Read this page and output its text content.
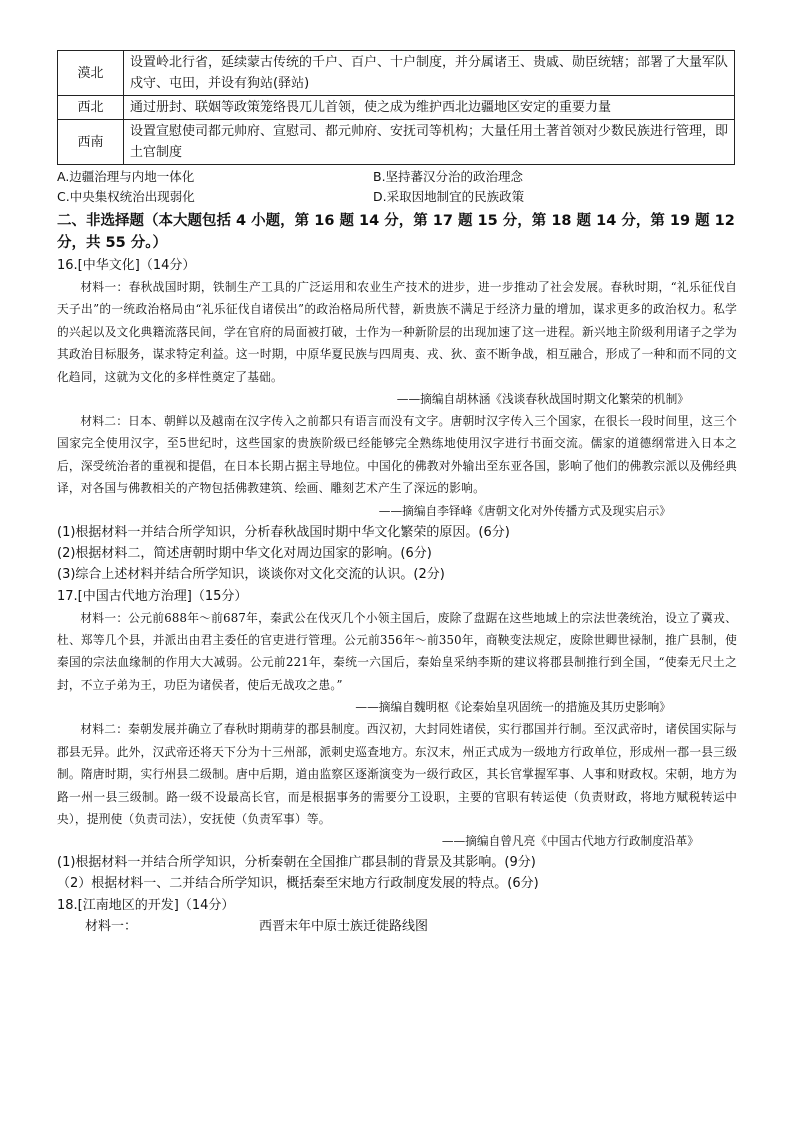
漠北	设置岭北行省，延续蒙古传统的千户、百户、十户制度，并分属诸王、贵戚、勋臣统辖；部署了大量军队戍守、屯田，并设有狗站(驿站)
西北	通过册封、联姻等政策笼络畏兀儿首领，使之成为维护西北边疆地区安定的重要力量
西南	设置宣慰使司都元帅府、宣慰司、都元帅府、安抚司等机构；大量任用土著首领对少数民族进行管理，即土官制度
A.边疆治理与内地一体化	B.坚持蕃汉分治的政治理念
C.中央集权统治出现弱化	D.采取因地制宜的民族政策
二、非选择题（本大题包括 4 小题，第 16 题 14 分，第 17 题 15 分，第 18 题 14 分，第 19 题 12 分，共 55 分。）
16.[中华文化]（14分）
材料一：春秋战国时期，铁制生产工具的广泛运用和农业生产技术的进步，进一步推动了社会发展。春秋时期，“礼乐征伐自天子出”的一统政治格局由“礼乐征伐自诸侯出”的政治格局所代替，新贵族不满足于经济力量的增加，谋求更多的政治权力。私学的兴起以及文化典籍流落民间，学在官府的局面被打破，士作为一种新阶层的出现加速了这一进程。新兴地主阶级利用诸子之学为其政治目标服务，谋求特定利益。这一时期，中原华夏民族与四周夷、戎、狄、蛮不断争战，相互融合，形成了一种和而不同的文化趋同，这就为文化的多样性奠定了基础。
——摘编自胡林涵《浅谈春秋战国时期文化繁荣的机制》
材料二：日本、朝鲜以及越南在汉字传入之前都只有语言而没有文字。唐朝时汉字传入三个国家，在很长一段时间里，这三个国家完全使用汉字，至5世纪时，这些国家的贵族阶级已经能够完全熟练地使用汉字进行书面交流。儒家的道德纲常进入日本之后，深受统治者的重视和提倡，在日本长期占据主导地位。中国化的佛教对外输出至东亚各国，影响了他们的佛教宗派以及佛经典译，对各国与佛教相关的产物包括佛教建筑、绘画、雕刻艺术产生了深远的影响。
——摘编自李铎峰《唐朝文化对外传播方式及现实启示》
(1)根据材料一并结合所学知识，分析春秋战国时期中华文化繁荣的原因。(6分)
(2)根据材料二，简述唐朝时期中华文化对周边国家的影响。(6分)
(3)综合上述材料并结合所学知识，谈谈你对文化交流的认识。(2分)
17.[中国古代地方治理]（15分）
材料一：公元前688年～前687年，秦武公在伐灭几个小领主国后，废除了盘踞在这些地域上的宗法世袭统治，设立了冀戎、杜、郑等几个县，并派出由君主委任的官吏进行管理。公元前356年～前350年，商鞅变法规定，废除世卿世禄制，推广县制，使秦国的宗法血缘制的作用大大减弱。公元前221年，秦统一六国后，秦始皇采纳李斯的建议将郡县制推行到全国，“使秦无尺土之封，不立子弟为王，功臣为诸侯者，使后无战攻之患。”
——摘编自魏明枢《论秦始皇巩固统一的措施及其历史影响》
材料二：秦朝发展并确立了春秋时期萌芽的郡县制度。西汉初，大封同姓诸侯，实行郡国并行制。至汉武帝时，诸侯国实际与郡县无异。此外，汉武帝还将天下分为十三州部，派刺史巡查地方。东汉末，州正式成为一级地方行政单位，形成州一郡一县三级制。隋唐时期，实行州县二级制。唐中后期，道由监察区逐渐演变为一级行政区，其长官掌握军事、人事和财政权。宋朝，地方为路一州一县三级制。路一级不设最高长官，而是根据事务的需要分工设职，主要的官职有转运使（负责财政，将地方赋税转运中央），提刑使（负责司法），安抚使（负责军事）等。
——摘编自曾凡亮《中国古代地方行政制度沿革》
(1)根据材料一并结合所学知识，分析秦朝在全国推广郡县制的背景及其影响。(9分)
（2）根据材料一、二并结合所学知识，概括秦至宋地方行政制度发展的特点。(6分)
18.[江南地区的开发]（14分）
材料一：	西晋末年中原士族迁徙路线图
